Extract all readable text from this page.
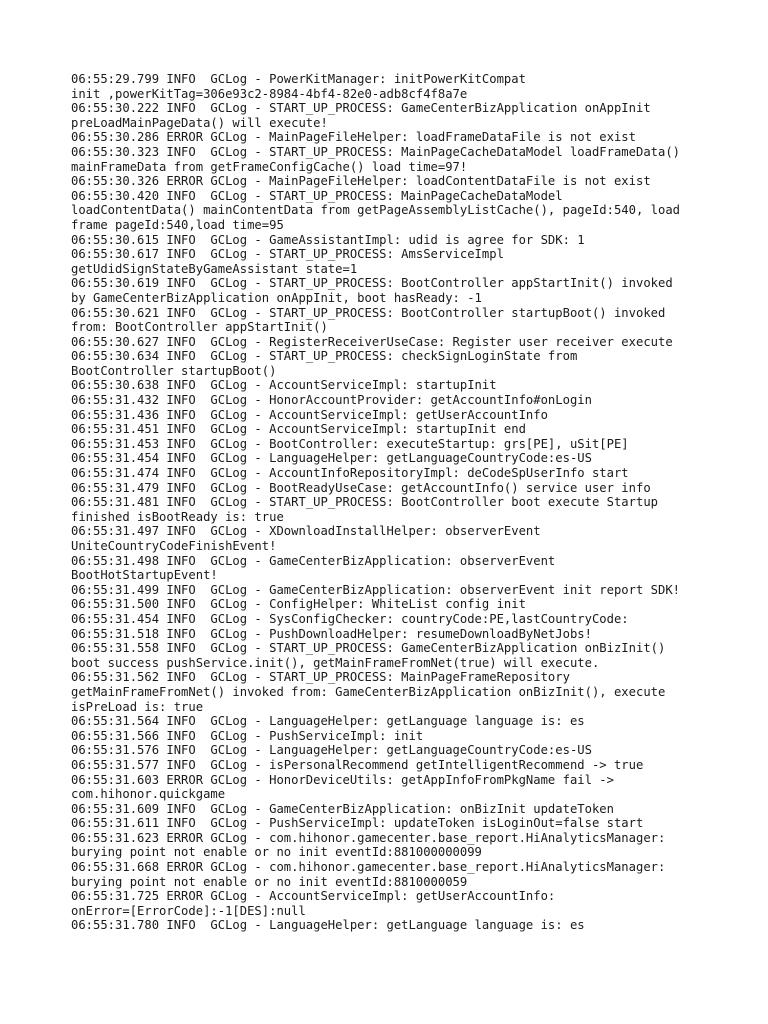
06:55:29.799 INFO  GCLog - PowerKitManager: initPowerKitCompat
init ,powerKitTag=306e93c2-8984-4bf4-82e0-adb8cf4f8a7e
06:55:30.222 INFO  GCLog - START_UP_PROCESS: GameCenterBizApplication onAppInit
preLoadMainPageData() will execute!
06:55:30.286 ERROR GCLog - MainPageFileHelper: loadFrameDataFile is not exist
06:55:30.323 INFO  GCLog - START_UP_PROCESS: MainPageCacheDataModel loadFrameData()
mainFrameData from getFrameConfigCache() load time=97!
06:55:30.326 ERROR GCLog - MainPageFileHelper: loadContentDataFile is not exist
06:55:30.420 INFO  GCLog - START_UP_PROCESS: MainPageCacheDataModel
loadContentData() mainContentData from getPageAssemblyListCache(), pageId:540, load
frame pageId:540,load time=95
06:55:30.615 INFO  GCLog - GameAssistantImpl: udid is agree for SDK: 1
06:55:30.617 INFO  GCLog - START_UP_PROCESS: AmsServiceImpl
getUdidSignStateByGameAssistant state=1
06:55:30.619 INFO  GCLog - START_UP_PROCESS: BootController appStartInit() invoked
by GameCenterBizApplication onAppInit, boot hasReady: -1
06:55:30.621 INFO  GCLog - START_UP_PROCESS: BootController startupBoot() invoked
from: BootController appStartInit()
06:55:30.627 INFO  GCLog - RegisterReceiverUseCase: Register user receiver execute
06:55:30.634 INFO  GCLog - START_UP_PROCESS: checkSignLoginState from
BootController startupBoot()
06:55:30.638 INFO  GCLog - AccountServiceImpl: startupInit
06:55:31.432 INFO  GCLog - HonorAccountProvider: getAccountInfo#onLogin
06:55:31.436 INFO  GCLog - AccountServiceImpl: getUserAccountInfo
06:55:31.451 INFO  GCLog - AccountServiceImpl: startupInit end
06:55:31.453 INFO  GCLog - BootController: executeStartup: grs[PE], uSit[PE]
06:55:31.454 INFO  GCLog - LanguageHelper: getLanguageCountryCode:es-US
06:55:31.474 INFO  GCLog - AccountInfoRepositoryImpl: deCodeSpUserInfo start
06:55:31.479 INFO  GCLog - BootReadyUseCase: getAccountInfo() service user info
06:55:31.481 INFO  GCLog - START_UP_PROCESS: BootController boot execute Startup
finished isBootReady is: true
06:55:31.497 INFO  GCLog - XDownloadInstallHelper: observerEvent
UniteCountryCodeFinishEvent!
06:55:31.498 INFO  GCLog - GameCenterBizApplication: observerEvent
BootHotStartupEvent!
06:55:31.499 INFO  GCLog - GameCenterBizApplication: observerEvent init report SDK!
06:55:31.500 INFO  GCLog - ConfigHelper: WhiteList config init
06:55:31.454 INFO  GCLog - SysConfigChecker: countryCode:PE,lastCountryCode:
06:55:31.518 INFO  GCLog - PushDownloadHelper: resumeDownloadByNetJobs!
06:55:31.558 INFO  GCLog - START_UP_PROCESS: GameCenterBizApplication onBizInit()
boot success pushService.init(), getMainFrameFromNet(true) will execute.
06:55:31.562 INFO  GCLog - START_UP_PROCESS: MainPageFrameRepository
getMainFrameFromNet() invoked from: GameCenterBizApplication onBizInit(), execute
isPreLoad is: true
06:55:31.564 INFO  GCLog - LanguageHelper: getLanguage language is: es
06:55:31.566 INFO  GCLog - PushServiceImpl: init
06:55:31.576 INFO  GCLog - LanguageHelper: getLanguageCountryCode:es-US
06:55:31.577 INFO  GCLog - isPersonalRecommend getIntelligentRecommend -> true
06:55:31.603 ERROR GCLog - HonorDeviceUtils: getAppInfoFromPkgName fail ->
com.hihonor.quickgame
06:55:31.609 INFO  GCLog - GameCenterBizApplication: onBizInit updateToken
06:55:31.611 INFO  GCLog - PushServiceImpl: updateToken isLoginOut=false start
06:55:31.623 ERROR GCLog - com.hihonor.gamecenter.base_report.HiAnalyticsManager:
burying point not enable or no init eventId:881000000099
06:55:31.668 ERROR GCLog - com.hihonor.gamecenter.base_report.HiAnalyticsManager:
burying point not enable or no init eventId:8810000059
06:55:31.725 ERROR GCLog - AccountServiceImpl: getUserAccountInfo:
onError=[ErrorCode]:-1[DES]:null
06:55:31.780 INFO  GCLog - LanguageHelper: getLanguage language is: es
